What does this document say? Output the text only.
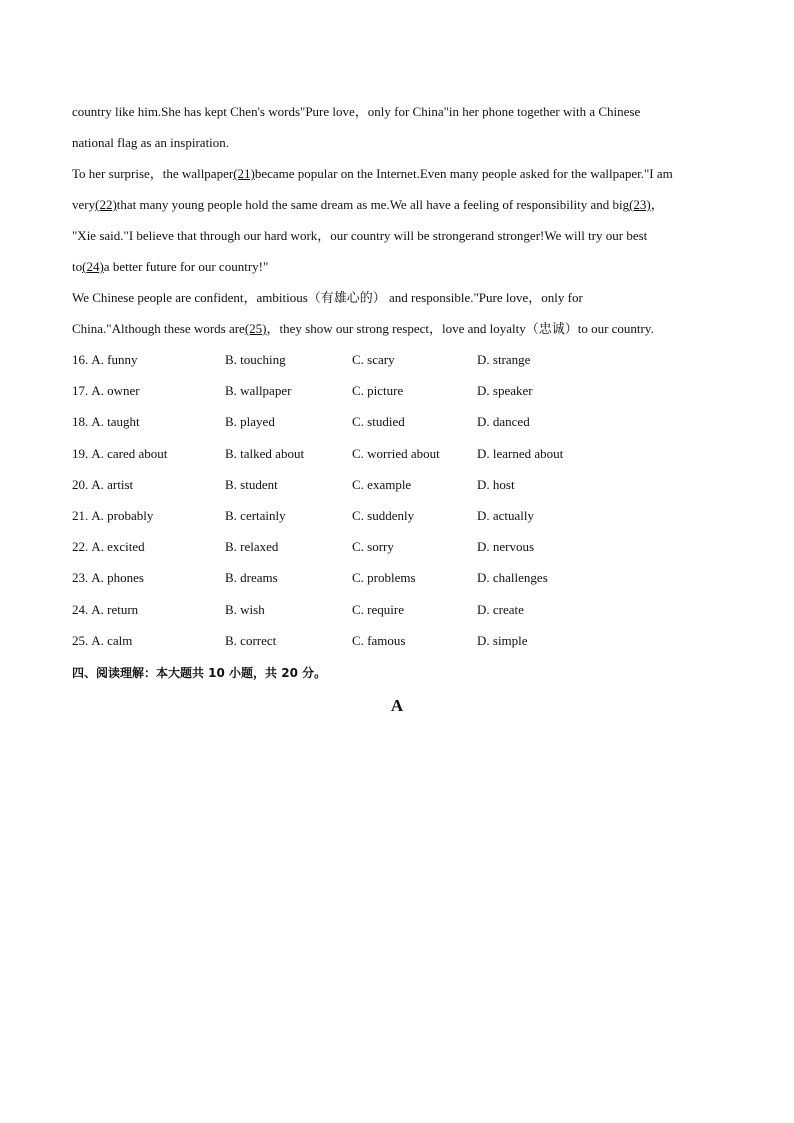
country like him.She has kept Chen's words"Pure love，only for China"in her phone together with a Chinese
national flag as an inspiration.
To her surprise，the wallpaper(21)became popular on the Internet.Even many people asked for the wallpaper."I am
very(22)that many young people hold the same dream as me.We all have a feeling of responsibility and big(23)，
"Xie said."I believe that through our hard work，our country will be strongerand stronger!We will try our best
to(24)a better future for our country!"
We Chinese people are confident，ambitious（有雄心的） and responsible."Pure love，only for
China."Although these words are(25)，they show our strong respect，love and loyalty（忠诚）to our country.
16. A. funny	B. touching	C. scary	D. strange
17. A. owner	B. wallpaper	C. picture	D. speaker
18. A. taught	B. played	C. studied	D. danced
19. A. cared about	B. talked about	C. worried about	D. learned about
20. A. artist	B. student	C. example	D. host
21. A. probably	B. certainly	C. suddenly	D. actually
22. A. excited	B. relaxed	C. sorry	D. nervous
23. A. phones	B. dreams	C. problems	D. challenges
24. A. return	B. wish	C. require	D. create
25. A. calm	B. correct	C. famous	D. simple
四、阅读理解：本大题共 10 小题，共 20 分。
A
